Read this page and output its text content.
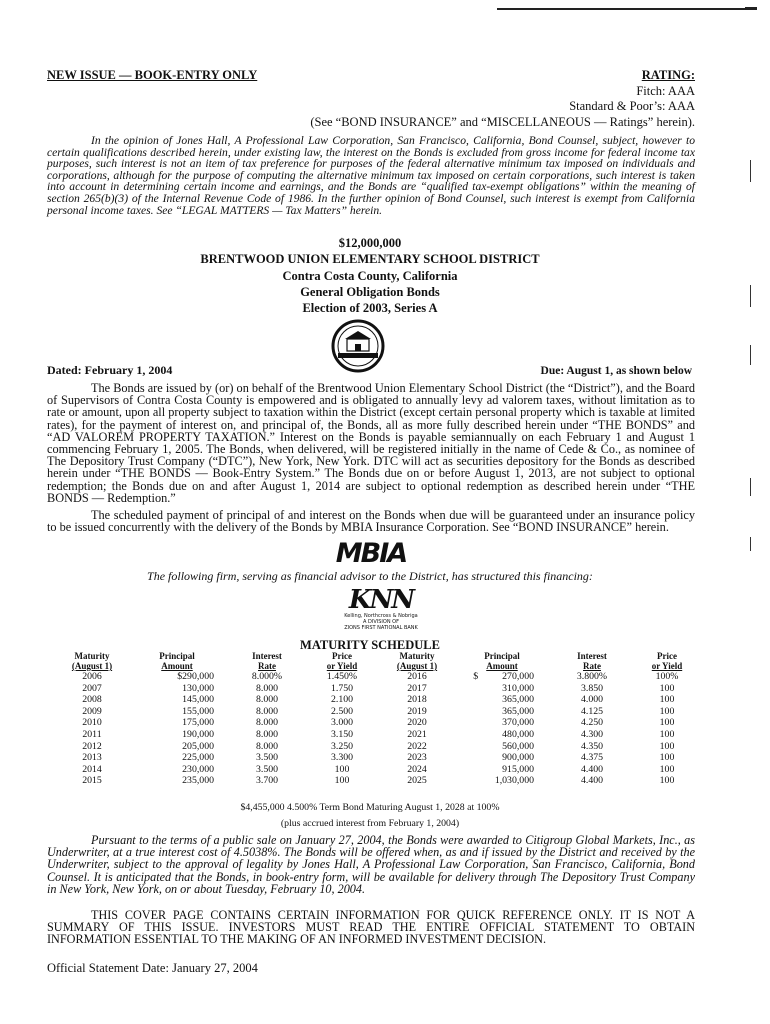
NEW ISSUE — BOOK-ENTRY ONLY	RATING:
Fitch: AAA
Standard & Poor’s: AAA
(See “BOND INSURANCE” and “MISCELLANEOUS — Ratings” herein).
In the opinion of Jones Hall, A Professional Law Corporation, San Francisco, California, Bond Counsel, subject, however to certain qualifications described herein, under existing law, the interest on the Bonds is excluded from gross income for federal income tax purposes, such interest is not an item of tax preference for purposes of the federal alternative minimum tax imposed on individuals and corporations, although for the purpose of computing the alternative minimum tax imposed on certain corporations, such interest is taken into account in determining certain income and earnings, and the Bonds are “qualified tax-exempt obligations” within the meaning of section 265(b)(3) of the Internal Revenue Code of 1986. In the further opinion of Bond Counsel, such interest is exempt from California personal income taxes. See “LEGAL MATTERS — Tax Matters” herein.
$12,000,000
BRENTWOOD UNION ELEMENTARY SCHOOL DISTRICT
Contra Costa County, California
General Obligation Bonds
Election of 2003, Series A
Dated: February 1, 2004	Due: August 1, as shown below
The Bonds are issued by (or) on behalf of the Brentwood Union Elementary School District (the “District”), and the Board of Supervisors of Contra Costa County is empowered and is obligated to annually levy ad valorem taxes, without limitation as to rate or amount, upon all property subject to taxation within the District (except certain personal property which is taxable at limited rates), for the payment of interest on, and principal of, the Bonds, all as more fully described herein under “THE BONDS” and “AD VALOREM PROPERTY TAXATION.” Interest on the Bonds is payable semiannually on each February 1 and August 1 commencing February 1, 2005. The Bonds, when delivered, will be registered initially in the name of Cede & Co., as nominee of The Depository Trust Company (“DTC”), New York, New York. DTC will act as securities depository for the Bonds as described herein under “THE BONDS — Book-Entry System.” The Bonds due on or before August 1, 2013, are not subject to optional redemption; the Bonds due on and after August 1, 2014 are subject to optional redemption as described herein under “THE BONDS — Redemption.”
The scheduled payment of principal of and interest on the Bonds when due will be guaranteed under an insurance policy to be issued concurrently with the delivery of the Bonds by MBIA Insurance Corporation. See “BOND INSURANCE” herein.
MBIA
The following firm, serving as financial advisor to the District, has structured this financing:
KNN
Kelling, Northcross & Nobriga
A DIVISION OF
ZIONS FIRST NATIONAL BANK
MATURITY SCHEDULE
Maturity
(August 1)	Principal
Amount	Interest
Rate	Price
or Yield	Maturity
(August 1)	Principal
Amount	Interest
Rate	Price
or Yield
2006	$290,000	8.000%	1.450%	2016	$ 270,000	3.800%	100%
2007	130,000	8.000	1.750	2017	310,000	3.850	100
2008	145,000	8.000	2.100	2018	365,000	4.000	100
2009	155,000	8.000	2.500	2019	365,000	4.125	100
2010	175,000	8.000	3.000	2020	370,000	4.250	100
2011	190,000	8.000	3.150	2021	480,000	4.300	100
2012	205,000	8.000	3.250	2022	560,000	4.350	100
2013	225,000	3.500	3.300	2023	900,000	4.375	100
2014	230,000	3.500	100	2024	915,000	4.400	100
2015	235,000	3.700	100	2025	1,030,000	4.400	100
$4,455,000 4.500% Term Bond Maturing August 1, 2028 at 100%
(plus accrued interest from February 1, 2004)
Pursuant to the terms of a public sale on January 27, 2004, the Bonds were awarded to Citigroup Global Markets, Inc., as Underwriter, at a true interest cost of 4.5038%. The Bonds will be offered when, as and if issued by the District and received by the Underwriter, subject to the approval of legality by Jones Hall, A Professional Law Corporation, San Francisco, California, Bond Counsel. It is anticipated that the Bonds, in book-entry form, will be available for delivery through The Depository Trust Company in New York, New York, on or about Tuesday, February 10, 2004.
THIS COVER PAGE CONTAINS CERTAIN INFORMATION FOR QUICK REFERENCE ONLY. IT IS NOT A SUMMARY OF THIS ISSUE. INVESTORS MUST READ THE ENTIRE OFFICIAL STATEMENT TO OBTAIN INFORMATION ESSENTIAL TO THE MAKING OF AN INFORMED INVESTMENT DECISION.
Official Statement Date: January 27, 2004
